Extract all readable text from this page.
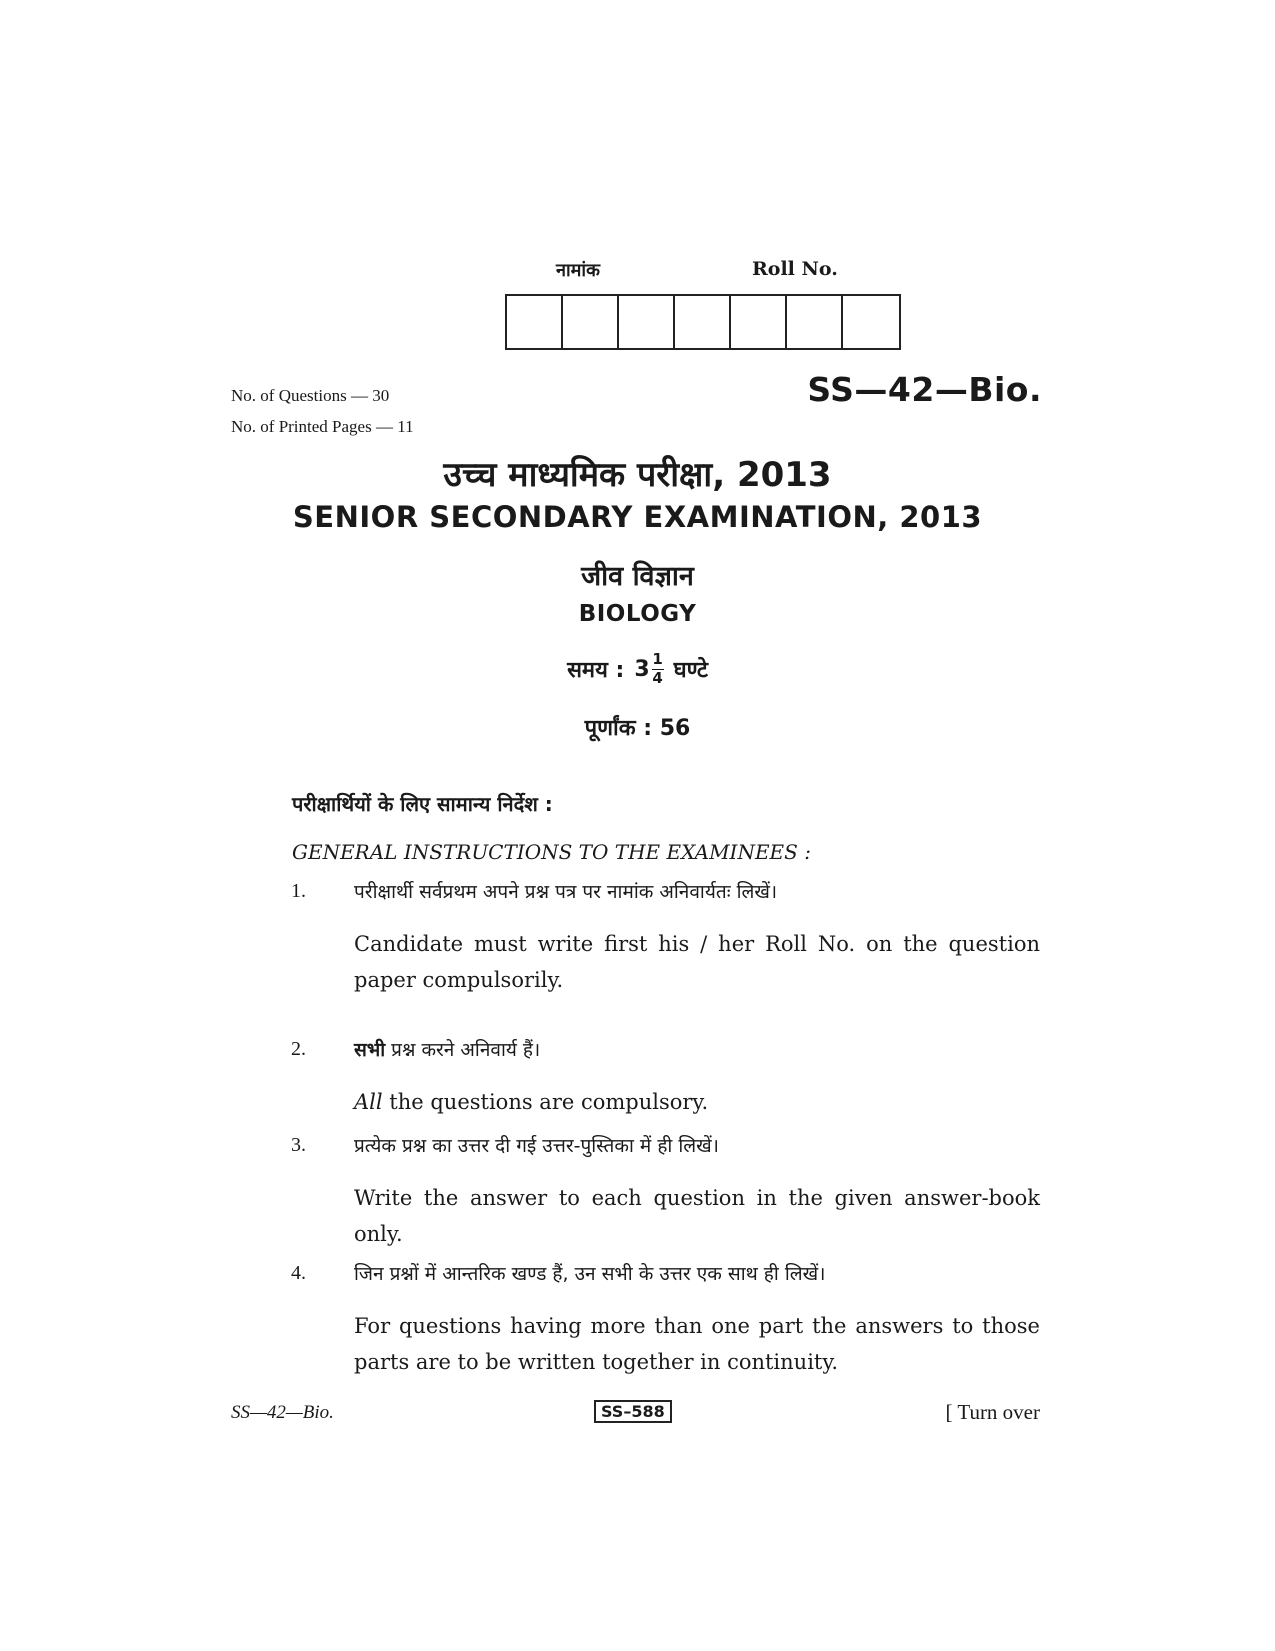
नामांक	Roll No.
No. of Questions — 30
No. of Printed Pages — 11
SS—42—Bio.
उच्च माध्यमिक परीक्षा, 2013
SENIOR SECONDARY EXAMINATION, 2013
जीव विज्ञान
BIOLOGY
समय : $3 \frac{1}{4}$ घण्टे
पूर्णांक : 56
परीक्षार्थियों के लिए सामान्य निर्देश :
GENERAL INSTRUCTIONS TO THE EXAMINEES :
1.	परीक्षार्थी सर्वप्रथम अपने प्रश्न पत्र पर नामांक अनिवार्यतः लिखें।
Candidate must write first his / her Roll No. on the question paper compulsorily.
2.	सभी प्रश्न करने अनिवार्य हैं।
All the questions are compulsory.
3.	प्रत्येक प्रश्न का उत्तर दी गई उत्तर-पुस्तिका में ही लिखें।
Write the answer to each question in the given answer-book only.
4.	जिन प्रश्नों में आन्तरिक खण्ड हैं, उन सभी के उत्तर एक साथ ही लिखें।
For questions having more than one part the answers to those parts are to be written together in continuity.
SS—42—Bio.	SS–588	[ Turn over
